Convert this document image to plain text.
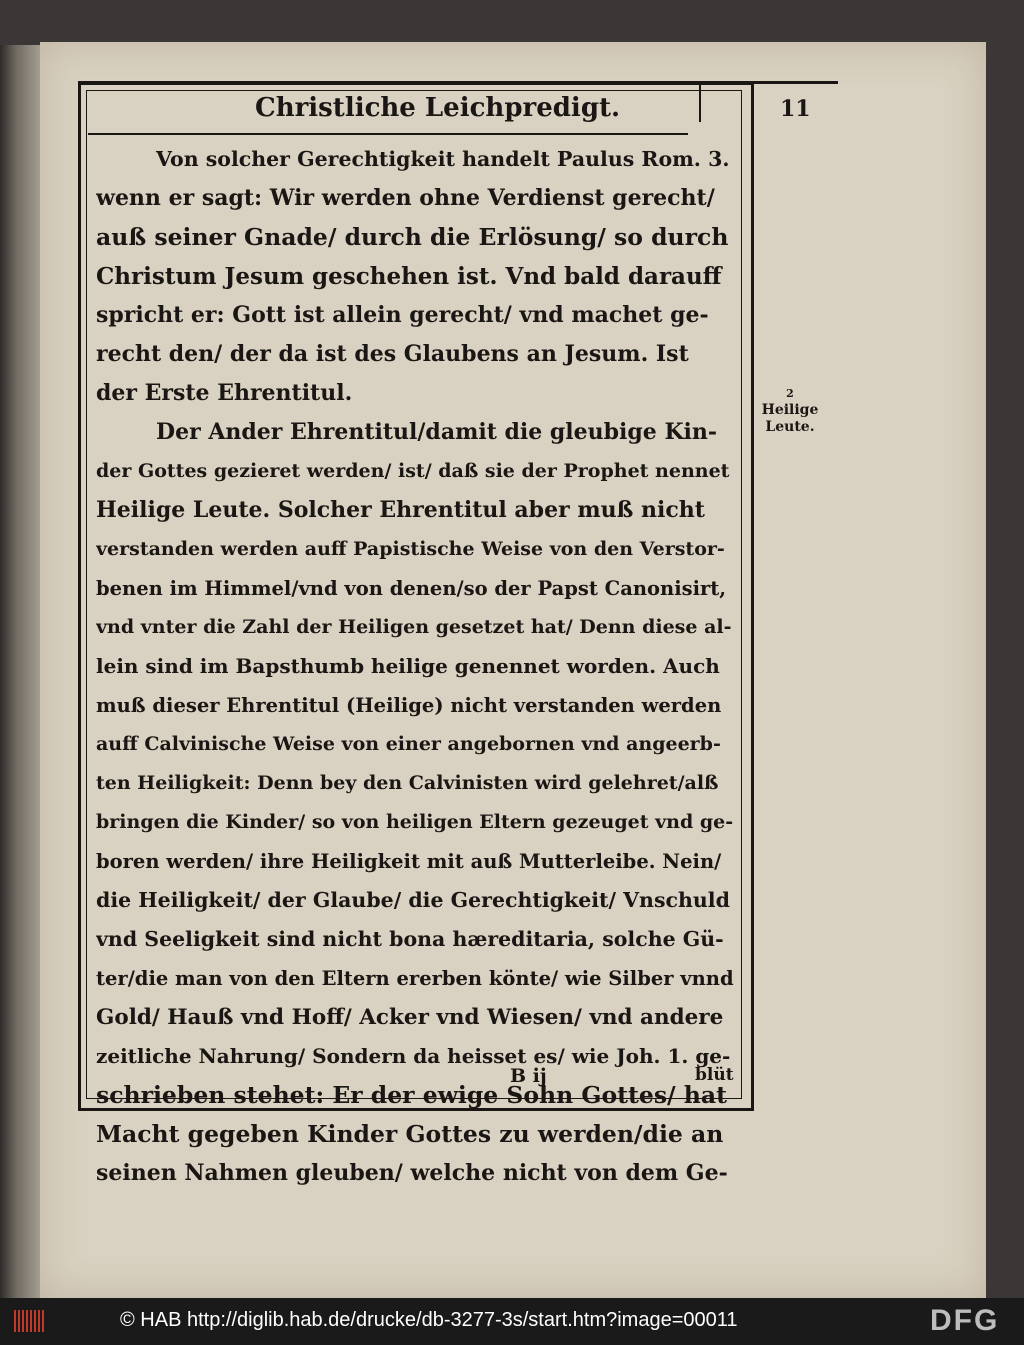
Christliche Leichpredigt.	11
Von solcher Gerechtigkeit handelt Paulus Rom. 3.
wenn er sagt: Wir werden ohne Verdienst gerecht/
auß seiner Gnade/ durch die Erlösung/ so durch
Christum Jesum geschehen ist. Vnd bald darauff
spricht er: Gott ist allein gerecht/ vnd machet ge-
recht den/ der da ist des Glaubens an Jesum. Ist
der Erste Ehrentitul.
Der Ander Ehrentitul/damit die gleubige Kin-
der Gottes gezieret werden/ ist/ daß sie der Prophet nennet
Heilige Leute. Solcher Ehrentitul aber muß nicht
verstanden werden auff Papistische Weise von den Verstor-
benen im Himmel/vnd von denen/so der Papst Canonisirt,
vnd vnter die Zahl der Heiligen gesetzet hat/ Denn diese al-
lein sind im Bapsthumb heilige genennet worden. Auch
muß dieser Ehrentitul (Heilige) nicht verstanden werden
auff Calvinische Weise von einer angebornen vnd angeerb-
ten Heiligkeit: Denn bey den Calvinisten wird gelehret/alß
bringen die Kinder/ so von heiligen Eltern gezeuget vnd ge-
boren werden/ ihre Heiligkeit mit auß Mutterleibe. Nein/
die Heiligkeit/ der Glaube/ die Gerechtigkeit/ Vnschuld
vnd Seeligkeit sind nicht bona hæreditaria, solche Gü-
ter/die man von den Eltern ererben könte/ wie Silber vnnd
Gold/ Hauß vnd Hoff/ Acker vnd Wiesen/ vnd andere
zeitliche Nahrung/ Sondern da heisset es/ wie Joh. 1. ge-
schrieben stehet: Er der ewige Sohn Gottes/ hat
Macht gegeben Kinder Gottes zu werden/die an
seinen Nahmen gleuben/ welche nicht von dem Ge-
2
Heilige Leute.
B ij	blüt
© HAB http://diglib.hab.de/drucke/db-3277-3s/start.htm?image=00011	DFG
